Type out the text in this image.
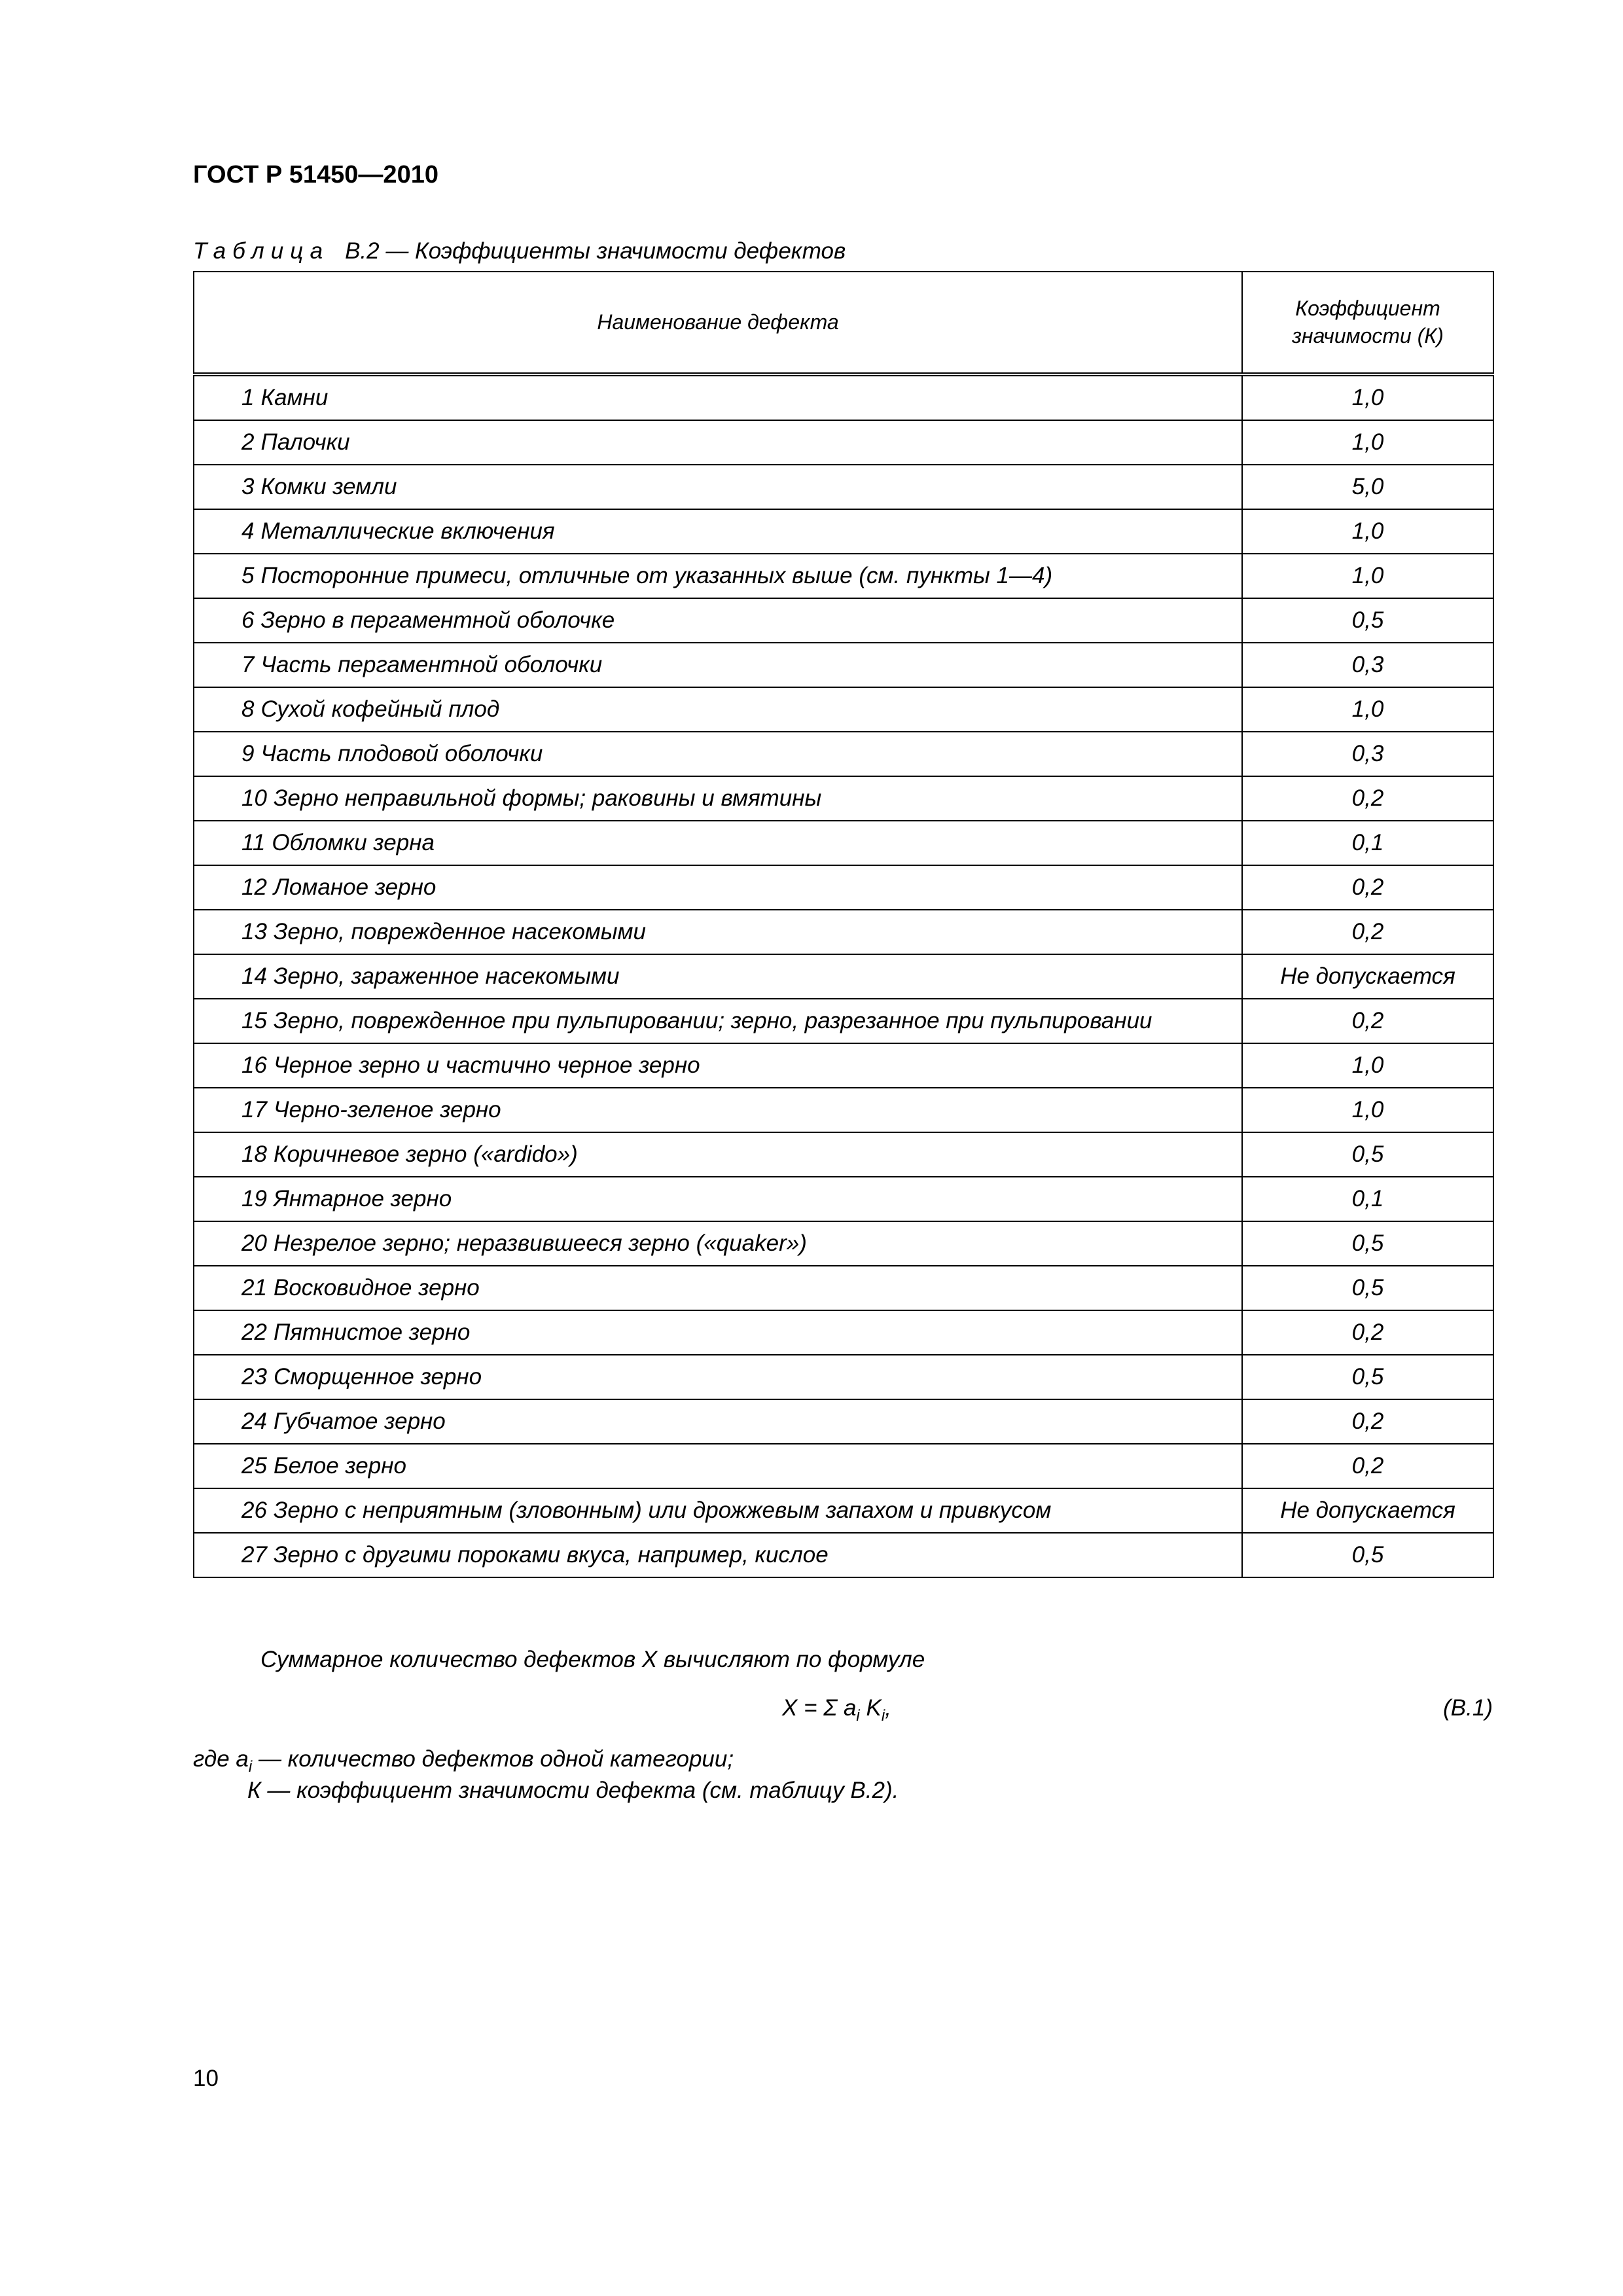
ГОСТ Р 51450—2010
Таблица В.2 — Коэффициенты значимости дефектов
Наименование дефекта	Коэффициент значимости (К)
1 Камни	1,0
2 Палочки	1,0
3 Комки земли	5,0
4 Металлические включения	1,0
5 Посторонние примеси, отличные от указанных выше (см. пункты 1—4)	1,0
6 Зерно в пергаментной оболочке	0,5
7 Часть пергаментной оболочки	0,3
8 Сухой кофейный плод	1,0
9 Часть плодовой оболочки	0,3
10 Зерно неправильной формы; раковины и вмятины	0,2
11 Обломки зерна	0,1
12 Ломаное зерно	0,2
13 Зерно, поврежденное насекомыми	0,2
14 Зерно, зараженное насекомыми	Не допускается
15 Зерно, поврежденное при пульпировании; зерно, разрезанное при пульпировании	0,2
16 Черное зерно и частично черное зерно	1,0
17 Черно-зеленое зерно	1,0
18 Коричневое зерно («ardido»)	0,5
19 Янтарное зерно	0,1
20 Незрелое зерно; неразвившееся зерно («quaker»)	0,5
21 Восковидное зерно	0,5
22 Пятнистое зерно	0,2
23 Сморщенное зерно	0,5
24 Губчатое зерно	0,2
25 Белое зерно	0,2
26 Зерно с неприятным (зловонным) или дрожжевым запахом и привкусом	Не допускается
27 Зерно с другими пороками вкуса, например, кислое	0,5
Суммарное количество дефектов Х вычисляют по формуле
Х = Σ $a_i$ $K_i$,	(В.1)
где $a_i$ — количество дефектов одной категории;
К — коэффициент значимости дефекта (см. таблицу В.2).
10
